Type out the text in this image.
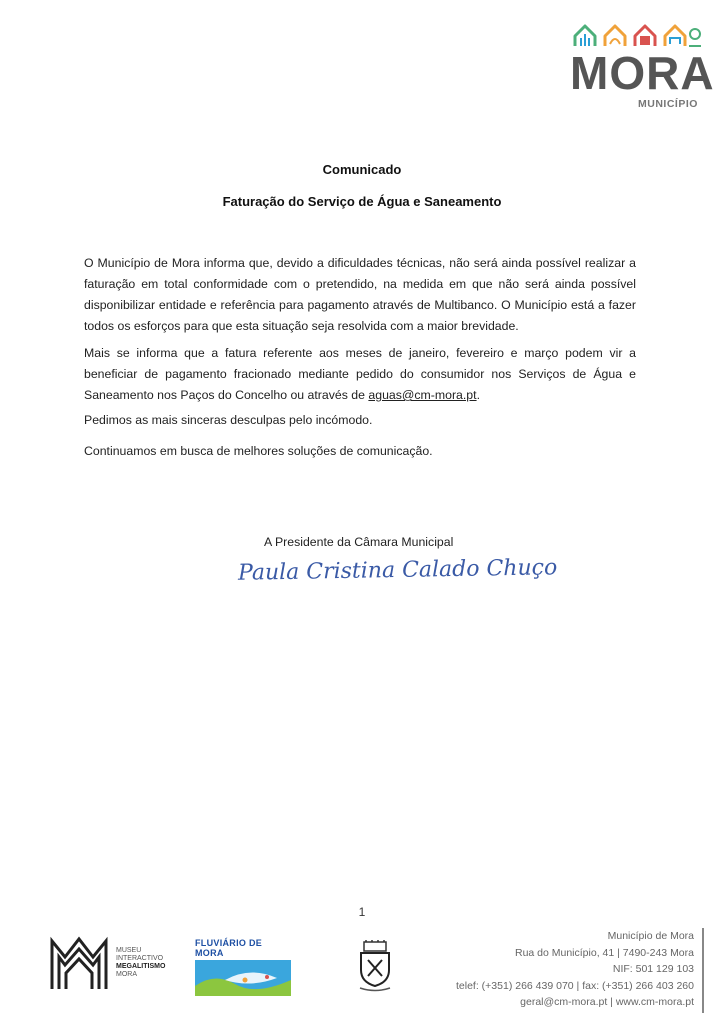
MORA
MUNICÍPIO
Comunicado
Faturação do Serviço de Água e Saneamento

O Município de Mora informa que, devido a dificuldades técnicas, não será ainda possível realizar a faturação em total conformidade com o pretendido, na medida em que não será ainda possível disponibilizar entidade e referência para pagamento através de Multibanco. O Município está a fazer todos os esforços para que esta situação seja resolvida com a maior brevidade.

Mais se informa que a fatura referente aos meses de janeiro, fevereiro e março podem vir a beneficiar de pagamento fracionado mediante pedido do consumidor nos Serviços de Água e Saneamento nos Paços do Concelho ou através de aguas@cm-mora.pt.

Pedimos as mais sinceras desculpas pelo incómodo.

Continuamos em busca de melhores soluções de comunicação.

A Presidente da Câmara Municipal
Paula Cristina Calado Chuço
1
MUSEU
INTERACTIVO
MEGALITISMO
MORA
FLUVIÁRIO DE MORA
Município de Mora
Rua do Município, 41 | 7490-243 Mora
NIF: 501 129 103
telef: (+351) 266 439 070 | fax: (+351) 266 403 260
geral@cm-mora.pt | www.cm-mora.pt
